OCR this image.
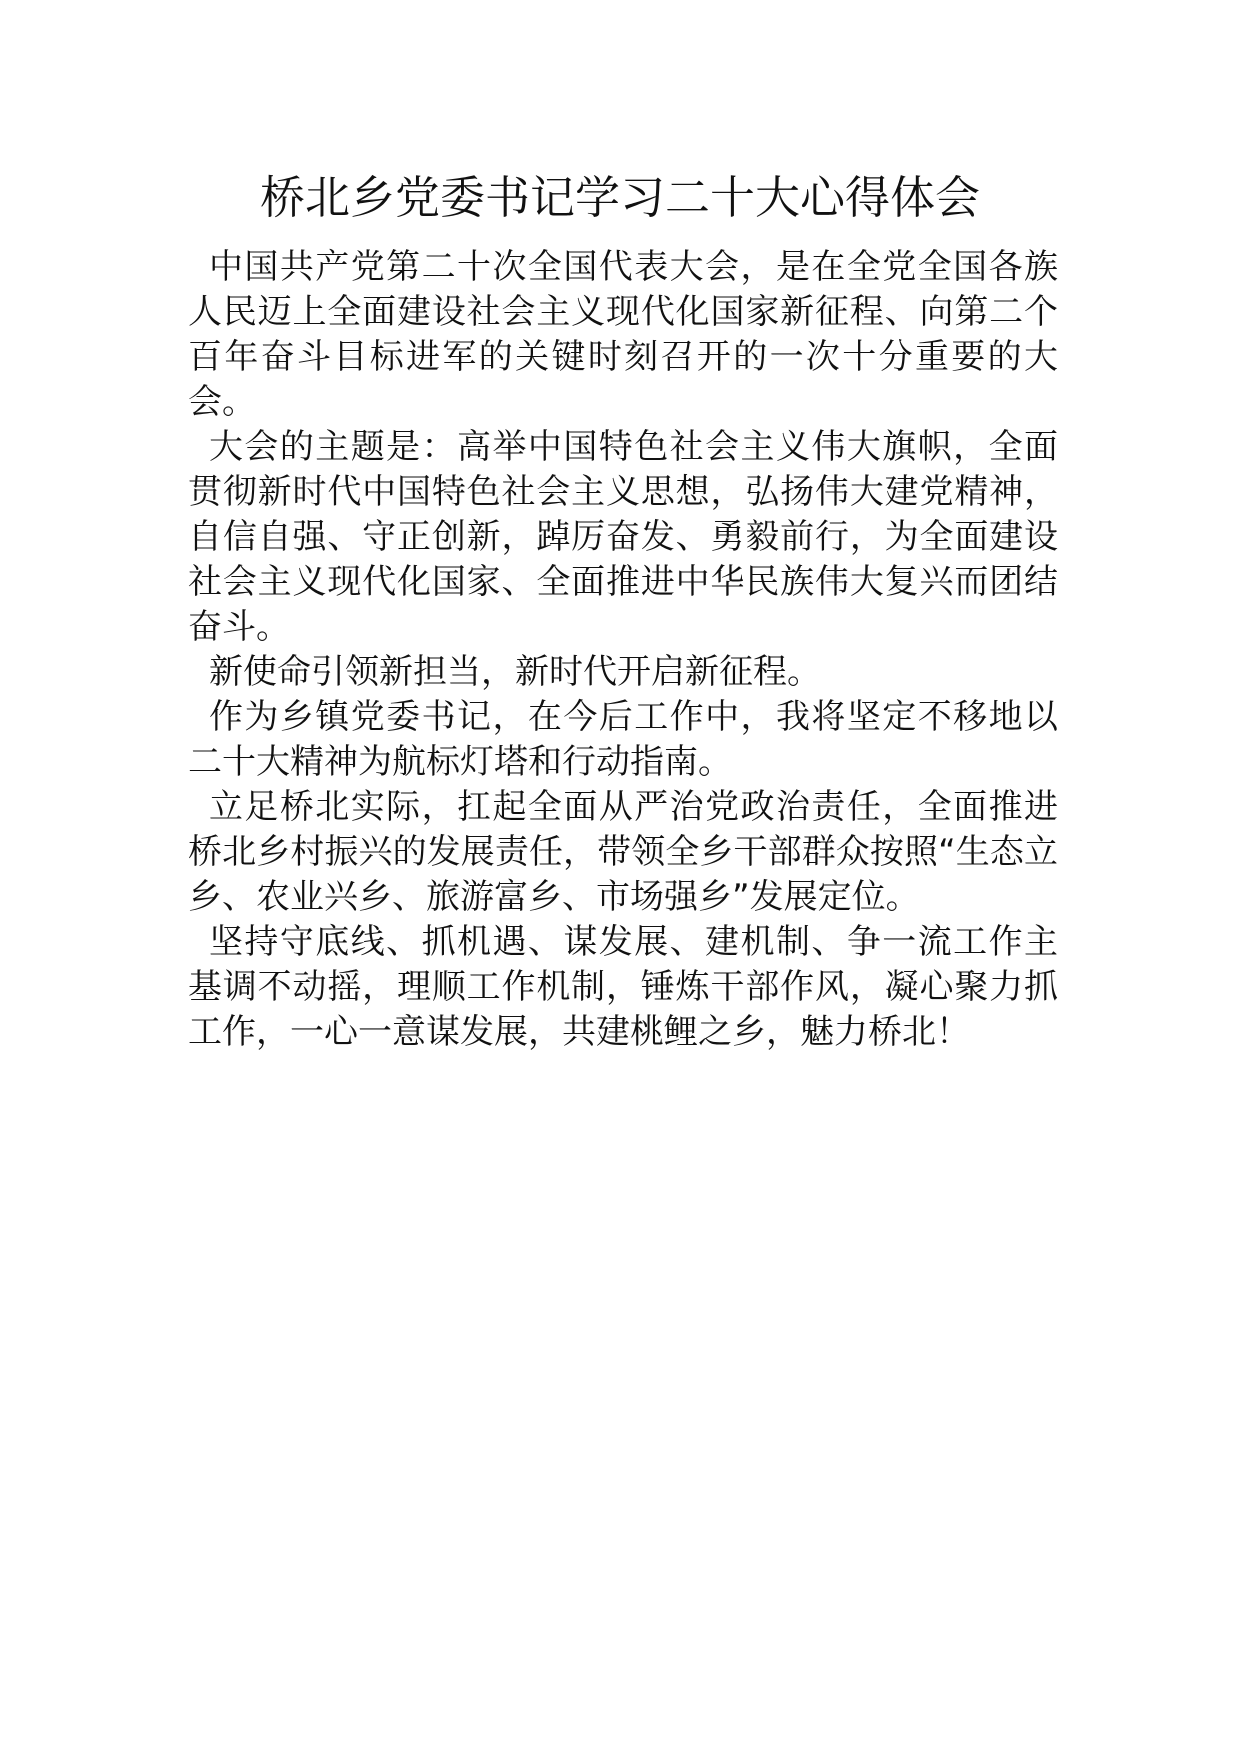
桥北乡党委书记学习二十大心得体会

中国共产党第二十次全国代表大会，是在全党全国各族人民迈上全面建设社会主义现代化国家新征程、向第二个百年奋斗目标进军的关键时刻召开的一次十分重要的大会。

大会的主题是：高举中国特色社会主义伟大旗帜，全面贯彻新时代中国特色社会主义思想，弘扬伟大建党精神，自信自强、守正创新，踔厉奋发、勇毅前行，为全面建设社会主义现代化国家、全面推进中华民族伟大复兴而团结奋斗。

新使命引领新担当，新时代开启新征程。

作为乡镇党委书记，在今后工作中，我将坚定不移地以二十大精神为航标灯塔和行动指南。

立足桥北实际，扛起全面从严治党政治责任，全面推进桥北乡村振兴的发展责任，带领全乡干部群众按照“生态立乡、农业兴乡、旅游富乡、市场强乡”发展定位。

坚持守底线、抓机遇、谋发展、建机制、争一流工作主基调不动摇，理顺工作机制，锤炼干部作风，凝心聚力抓工作，一心一意谋发展，共建桃鲤之乡，魅力桥北！
